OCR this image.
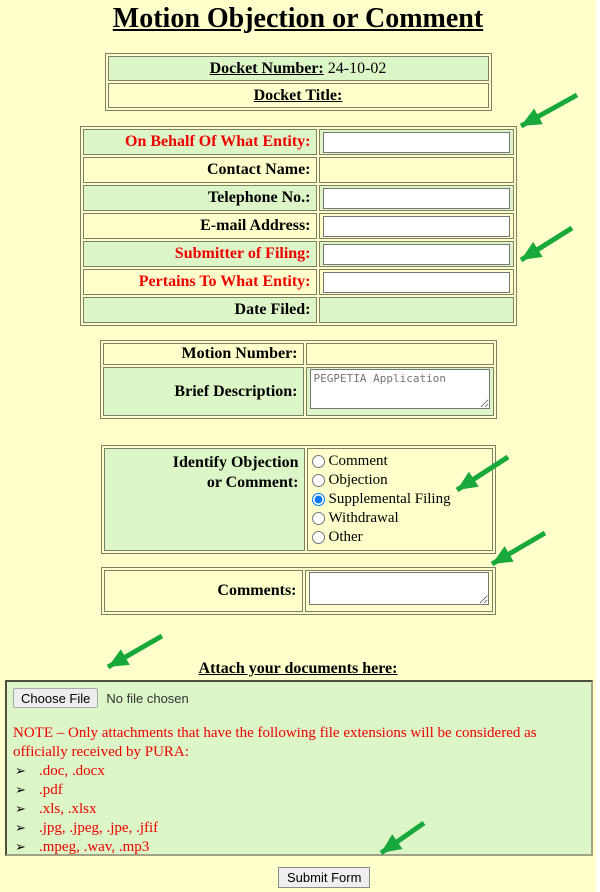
Motion Objection or Comment
Docket Number: 24-10-02
Docket Title:
On Behalf Of What Entity:	
Contact Name:	
Telephone No.:	
E-mail Address:	
Submitter of Filing:	
Pertains To What Entity:	
Date Filed:	
Motion Number:	
Brief Description:	PEGPETIA Application
Identify Objection
or Comment:	
Comment
Objection
Supplemental Filing
Withdrawal
Other
Comments:	
Attach your documents here:
Choose File	No file chosen
NOTE – Only attachments that have the following file extensions will be considered as officially received by PURA:
➢ .doc, .docx
➢ .pdf
➢ .xls, .xlsx
➢ .jpg, .jpeg, .jpe, .jfif
➢ .mpeg, .wav, .mp3
Submit Form
